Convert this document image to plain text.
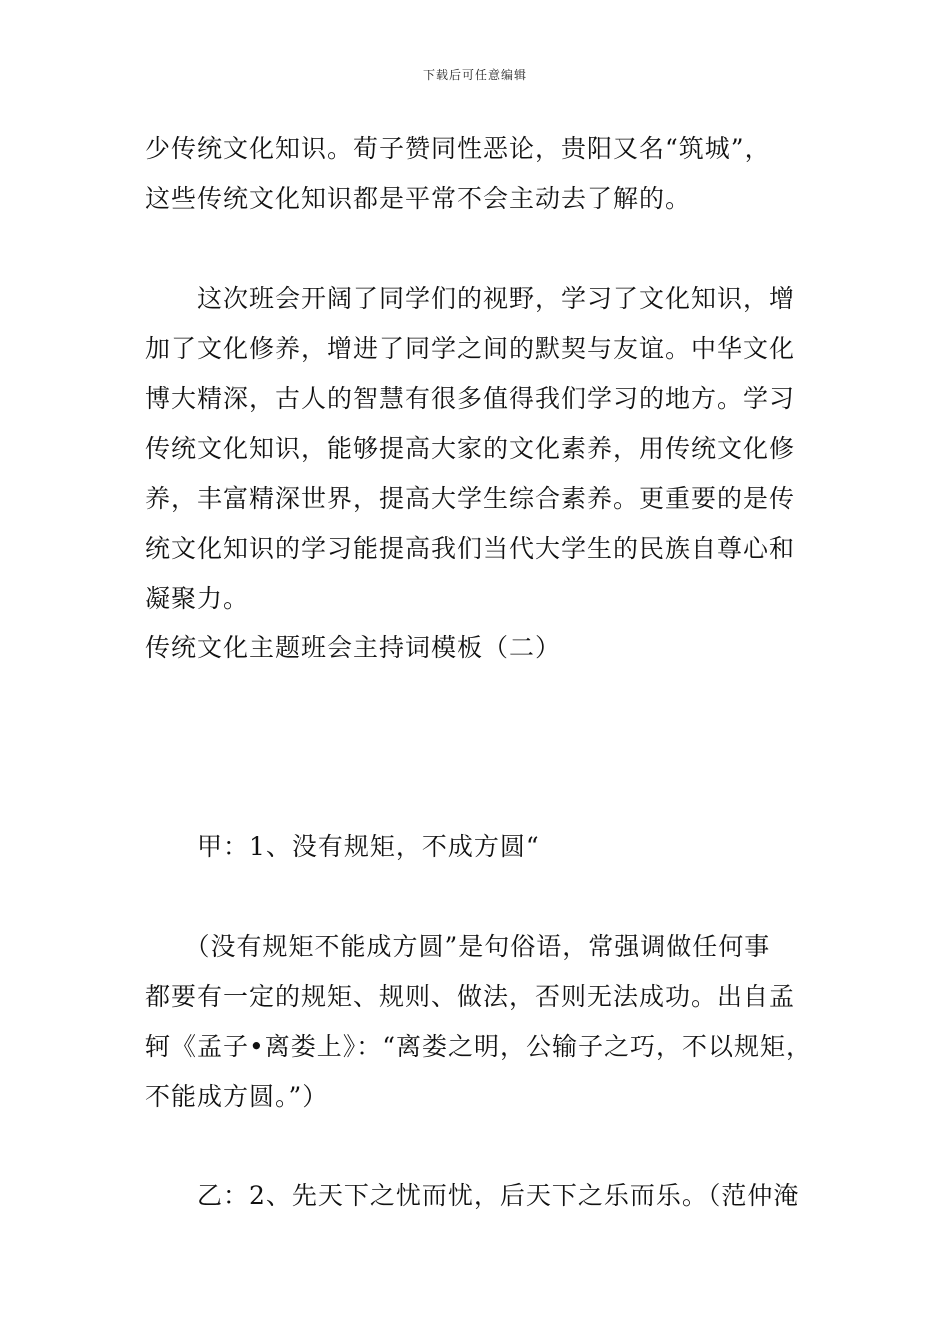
下载后可任意编辑
少传统文化知识。荀子赞同性恶论，贵阳又名“筑城”，
这些传统文化知识都是平常不会主动去了解的。
　　这次班会开阔了同学们的视野，学习了文化知识，增
加了文化修养，增进了同学之间的默契与友谊。中华文化
博大精深，古人的智慧有很多值得我们学习的地方。学习
传统文化知识，能够提高大家的文化素养，用传统文化修
养，丰富精深世界，提高大学生综合素养。更重要的是传
统文化知识的学习能提高我们当代大学生的民族自尊心和
凝聚力。
传统文化主题班会主持词模板（二）
　　甲：1、没有规矩，不成方圆“
　　（没有规矩不能成方圆”是句俗语，常强调做任何事
都要有一定的规矩、规则、做法，否则无法成功。出自孟
轲《孟子•离娄上》：“离娄之明，公输子之巧，不以规矩，
不能成方圆。”）
　　乙：2、先天下之忧而忧，后天下之乐而乐。（范仲淹
